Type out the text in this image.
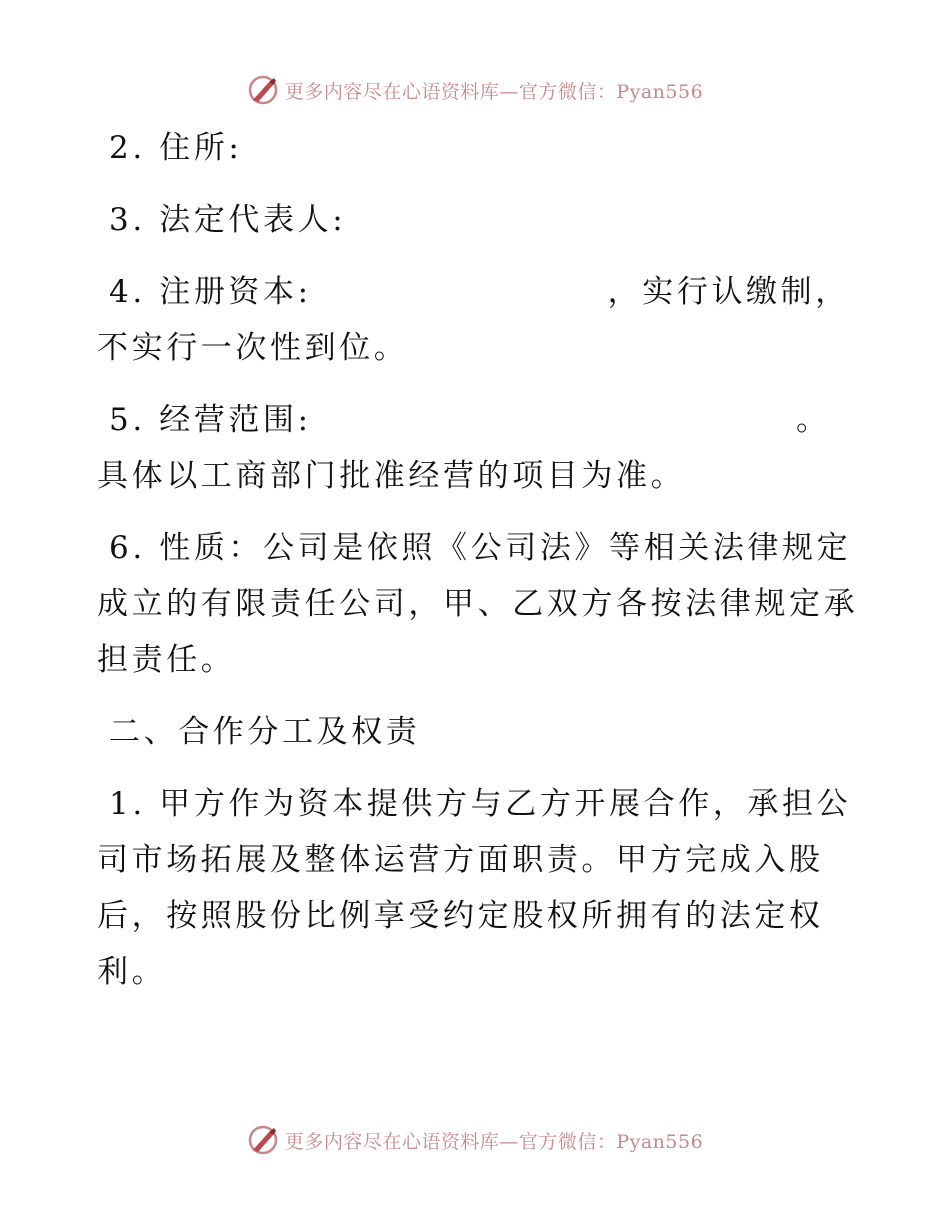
更多内容尽在心语资料库—官方微信：Pyan556

2. 住所:

3. 法定代表人:

4. 注册资本:                      ，实行认缴制，

不实行一次性到位。

5. 经营范围:                                    。

具体以工商部门批准经营的项目为准。

6. 性质：公司是依照《公司法》等相关法律规定

成立的有限责任公司，甲、乙双方各按法律规定承

担责任。

二、合作分工及权责

1. 甲方作为资本提供方与乙方开展合作，承担公

司市场拓展及整体运营方面职责。甲方完成入股

后，按照股份比例享受约定股权所拥有的法定权

利。

更多内容尽在心语资料库—官方微信：Pyan556
